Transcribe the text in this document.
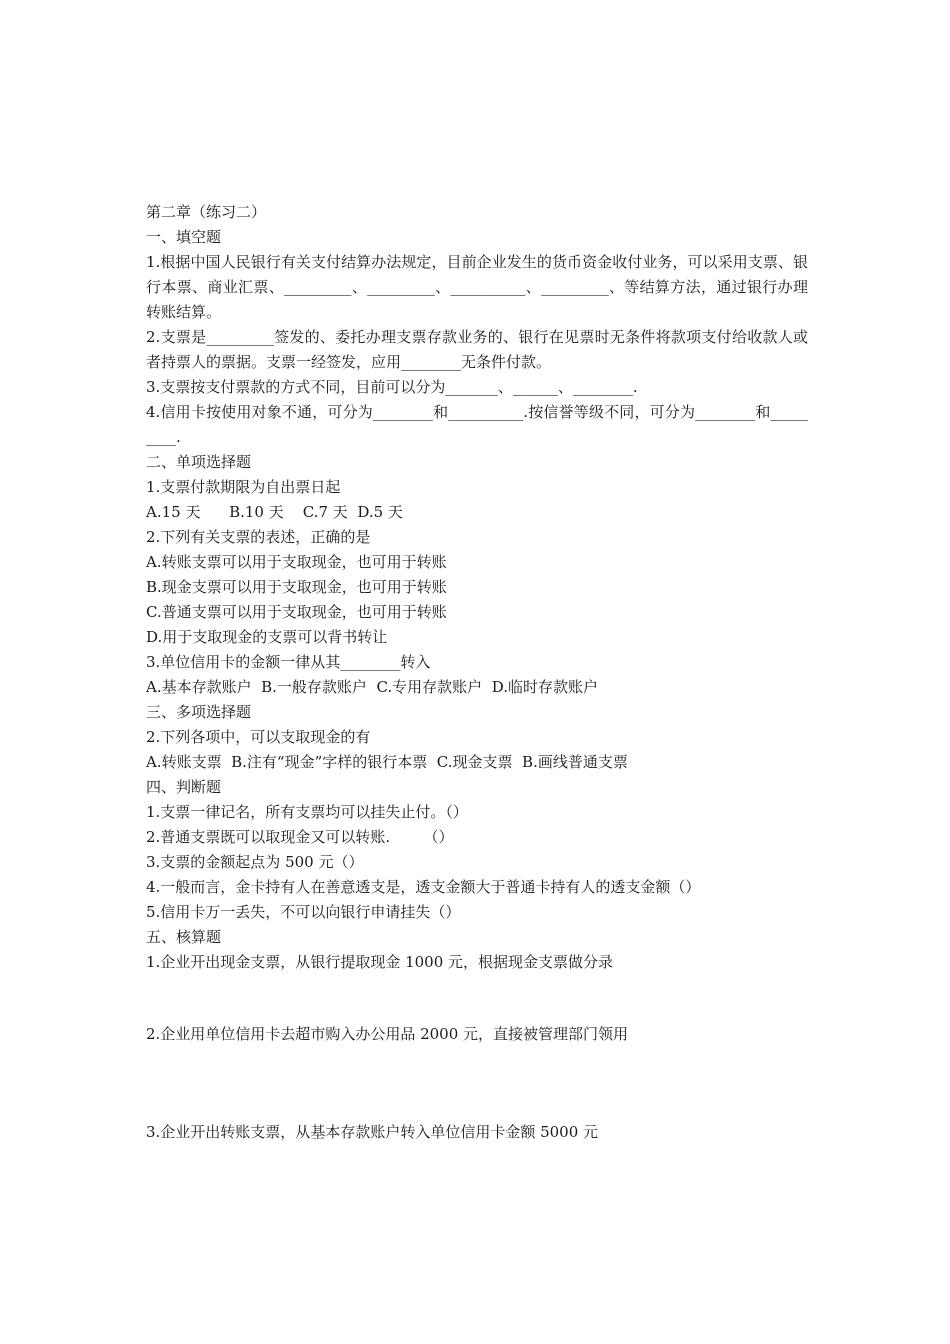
第二章（练习二）
一、填空题
1.根据中国人民银行有关支付结算办法规定，目前企业发生的货币资金收付业务，可以采用支票、银行本票、商业汇票、_________、_________、__________、_________、等结算方法，通过银行办理转账结算。
2.支票是_________签发的、委托办理支票存款业务的、银行在见票时无条件将款项支付给收款人或者持票人的票据。支票一经签发，应用________无条件付款。
3.支票按支付票款的方式不同，目前可以分为_______、______、________.
4.信用卡按使用对象不通，可分为________和__________.按信誉等级不同，可分为________和_________.
二、单项选择题
1.支票付款期限为自出票日起
A.15 天      B.10 天    C.7 天  D.5 天
2.下列有关支票的表述，正确的是
A.转账支票可以用于支取现金，也可用于转账
B.现金支票可以用于支取现金，也可用于转账
C.普通支票可以用于支取现金，也可用于转账
D.用于支取现金的支票可以背书转让
3.单位信用卡的金额一律从其________转入
A.基本存款账户  B.一般存款账户  C.专用存款账户  D.临时存款账户
三、多项选择题
2.下列各项中，可以支取现金的有
A.转账支票  B.注有“现金”字样的银行本票  C.现金支票  B.画线普通支票
四、判断题
1.支票一律记名，所有支票均可以挂失止付。（）
2.普通支票既可以取现金又可以转账.       （）
3.支票的金额起点为 500 元（）
4.一般而言，金卡持有人在善意透支是，透支金额大于普通卡持有人的透支金额（）
5.信用卡万一丢失，不可以向银行申请挂失（）
五、核算题
1.企业开出现金支票，从银行提取现金 1000 元，根据现金支票做分录
2.企业用单位信用卡去超市购入办公用品 2000 元，直接被管理部门领用
3.企业开出转账支票，从基本存款账户转入单位信用卡金额 5000 元
